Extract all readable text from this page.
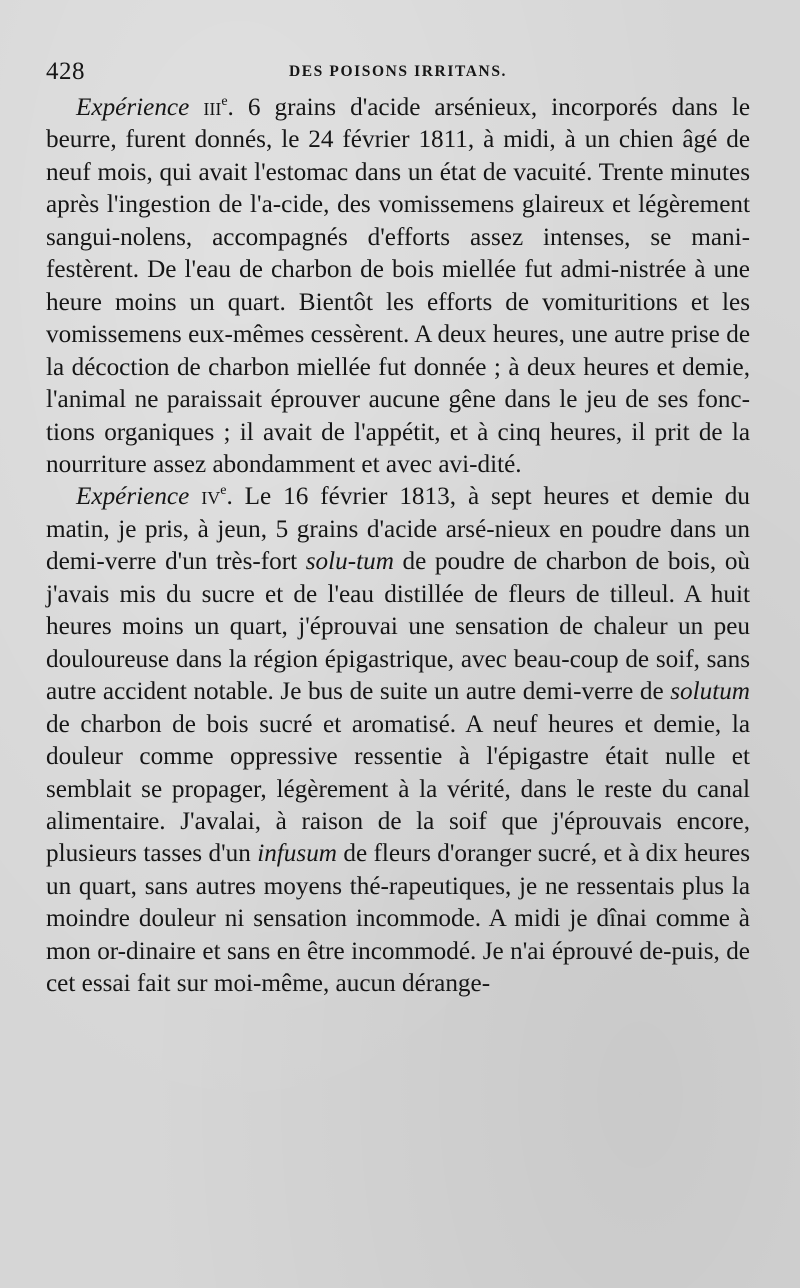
428	DES POISONS IRRITANS.

Expérience iii$^e$. 6 grains d'acide arsénieux, incorporés dans le beurre, furent donnés, le 24 février 1811, à midi, à un chien âgé de neuf mois, qui avait l'estomac dans un état de vacuité. Trente minutes après l'ingestion de l'a-cide, des vomissemens glaireux et légèrement sangui-nolens, accompagnés d'efforts assez intenses, se mani-festèrent. De l'eau de charbon de bois miellée fut admi-nistrée à une heure moins un quart. Bientôt les efforts de vomituritions et les vomissemens eux-mêmes cessèrent. A deux heures, une autre prise de la décoction de charbon miellée fut donnée ; à deux heures et demie, l'animal ne paraissait éprouver aucune gêne dans le jeu de ses fonc-tions organiques ; il avait de l'appétit, et à cinq heures, il prit de la nourriture assez abondamment et avec avi-dité.

Expérience $iv^e$. Le 16 février 1813, à sept heures et demie du matin, je pris, à jeun, 5 grains d'acide arsé-nieux en poudre dans un demi-verre d'un très-fort solu-tum de poudre de charbon de bois, où j'avais mis du sucre et de l'eau distillée de fleurs de tilleul. A huit heures moins un quart, j'éprouvai une sensation de chaleur un peu douloureuse dans la région épigastrique, avec beau-coup de soif, sans autre accident notable. Je bus de suite un autre demi-verre de solutum de charbon de bois sucré et aromatisé. A neuf heures et demie, la douleur comme oppressive ressentie à l'épigastre était nulle et semblait se propager, légèrement à la vérité, dans le reste du canal alimentaire. J'avalai, à raison de la soif que j'éprouvais encore, plusieurs tasses d'un infusum de fleurs d'oranger sucré, et à dix heures un quart, sans autres moyens thé-rapeutiques, je ne ressentais plus la moindre douleur ni sensation incommode. A midi je dînai comme à mon or-dinaire et sans en être incommodé. Je n'ai éprouvé de-puis, de cet essai fait sur moi-même, aucun dérange-
